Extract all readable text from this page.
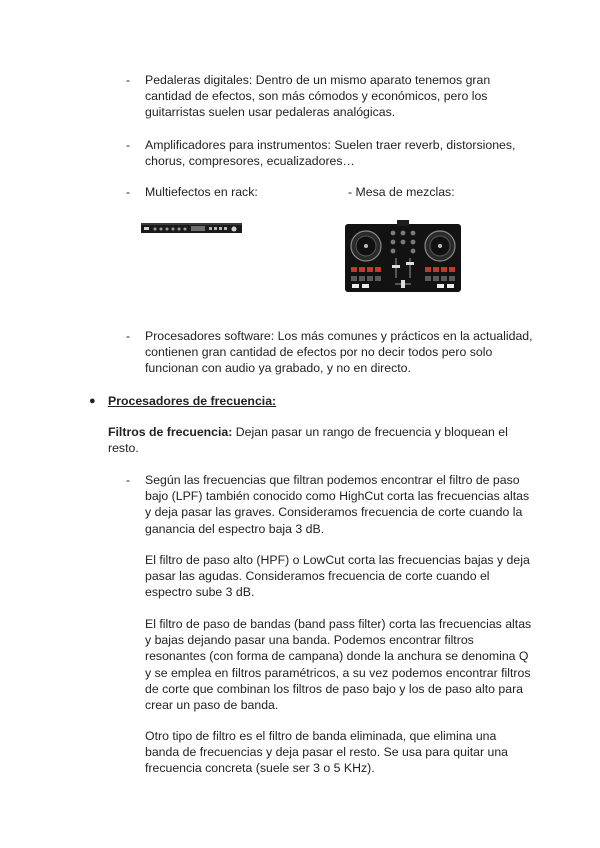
- Pedaleras digitales: Dentro de un mismo aparato tenemos gran
cantidad de efectos, son más cómodos y económicos, pero los
guitarristas suelen usar pedaleras analógicas.
- Amplificadores para instrumentos: Suelen traer reverb, distorsiones,
chorus, compresores, ecualizadores…
- Multiefectos en rack:	- Mesa de mezclas:
- Procesadores software: Los más comunes y prácticos en la actualidad,
contienen gran cantidad de efectos por no decir todos pero solo
funcionan con audio ya grabado, y no en directo.
● Procesadores de frecuencia:
Filtros de frecuencia: Dejan pasar un rango de frecuencia y bloquean el
resto.
- Según las frecuencias que filtran podemos encontrar el filtro de paso
bajo (LPF) también conocido como HighCut corta las frecuencias altas
y deja pasar las graves. Consideramos frecuencia de corte cuando la
ganancia del espectro baja 3 dB.
El filtro de paso alto (HPF) o LowCut corta las frecuencias bajas y deja
pasar las agudas. Consideramos frecuencia de corte cuando el
espectro sube 3 dB.
El filtro de paso de bandas (band pass filter) corta las frecuencias altas
y bajas dejando pasar una banda. Podemos encontrar filtros
resonantes (con forma de campana) donde la anchura se denomina Q
y se emplea en filtros paramétricos, a su vez podemos encontrar filtros
de corte que combinan los filtros de paso bajo y los de paso alto para
crear un paso de banda.
Otro tipo de filtro es el filtro de banda eliminada, que elimina una
banda de frecuencias y deja pasar el resto. Se usa para quitar una
frecuencia concreta (suele ser 3 o 5 KHz).
